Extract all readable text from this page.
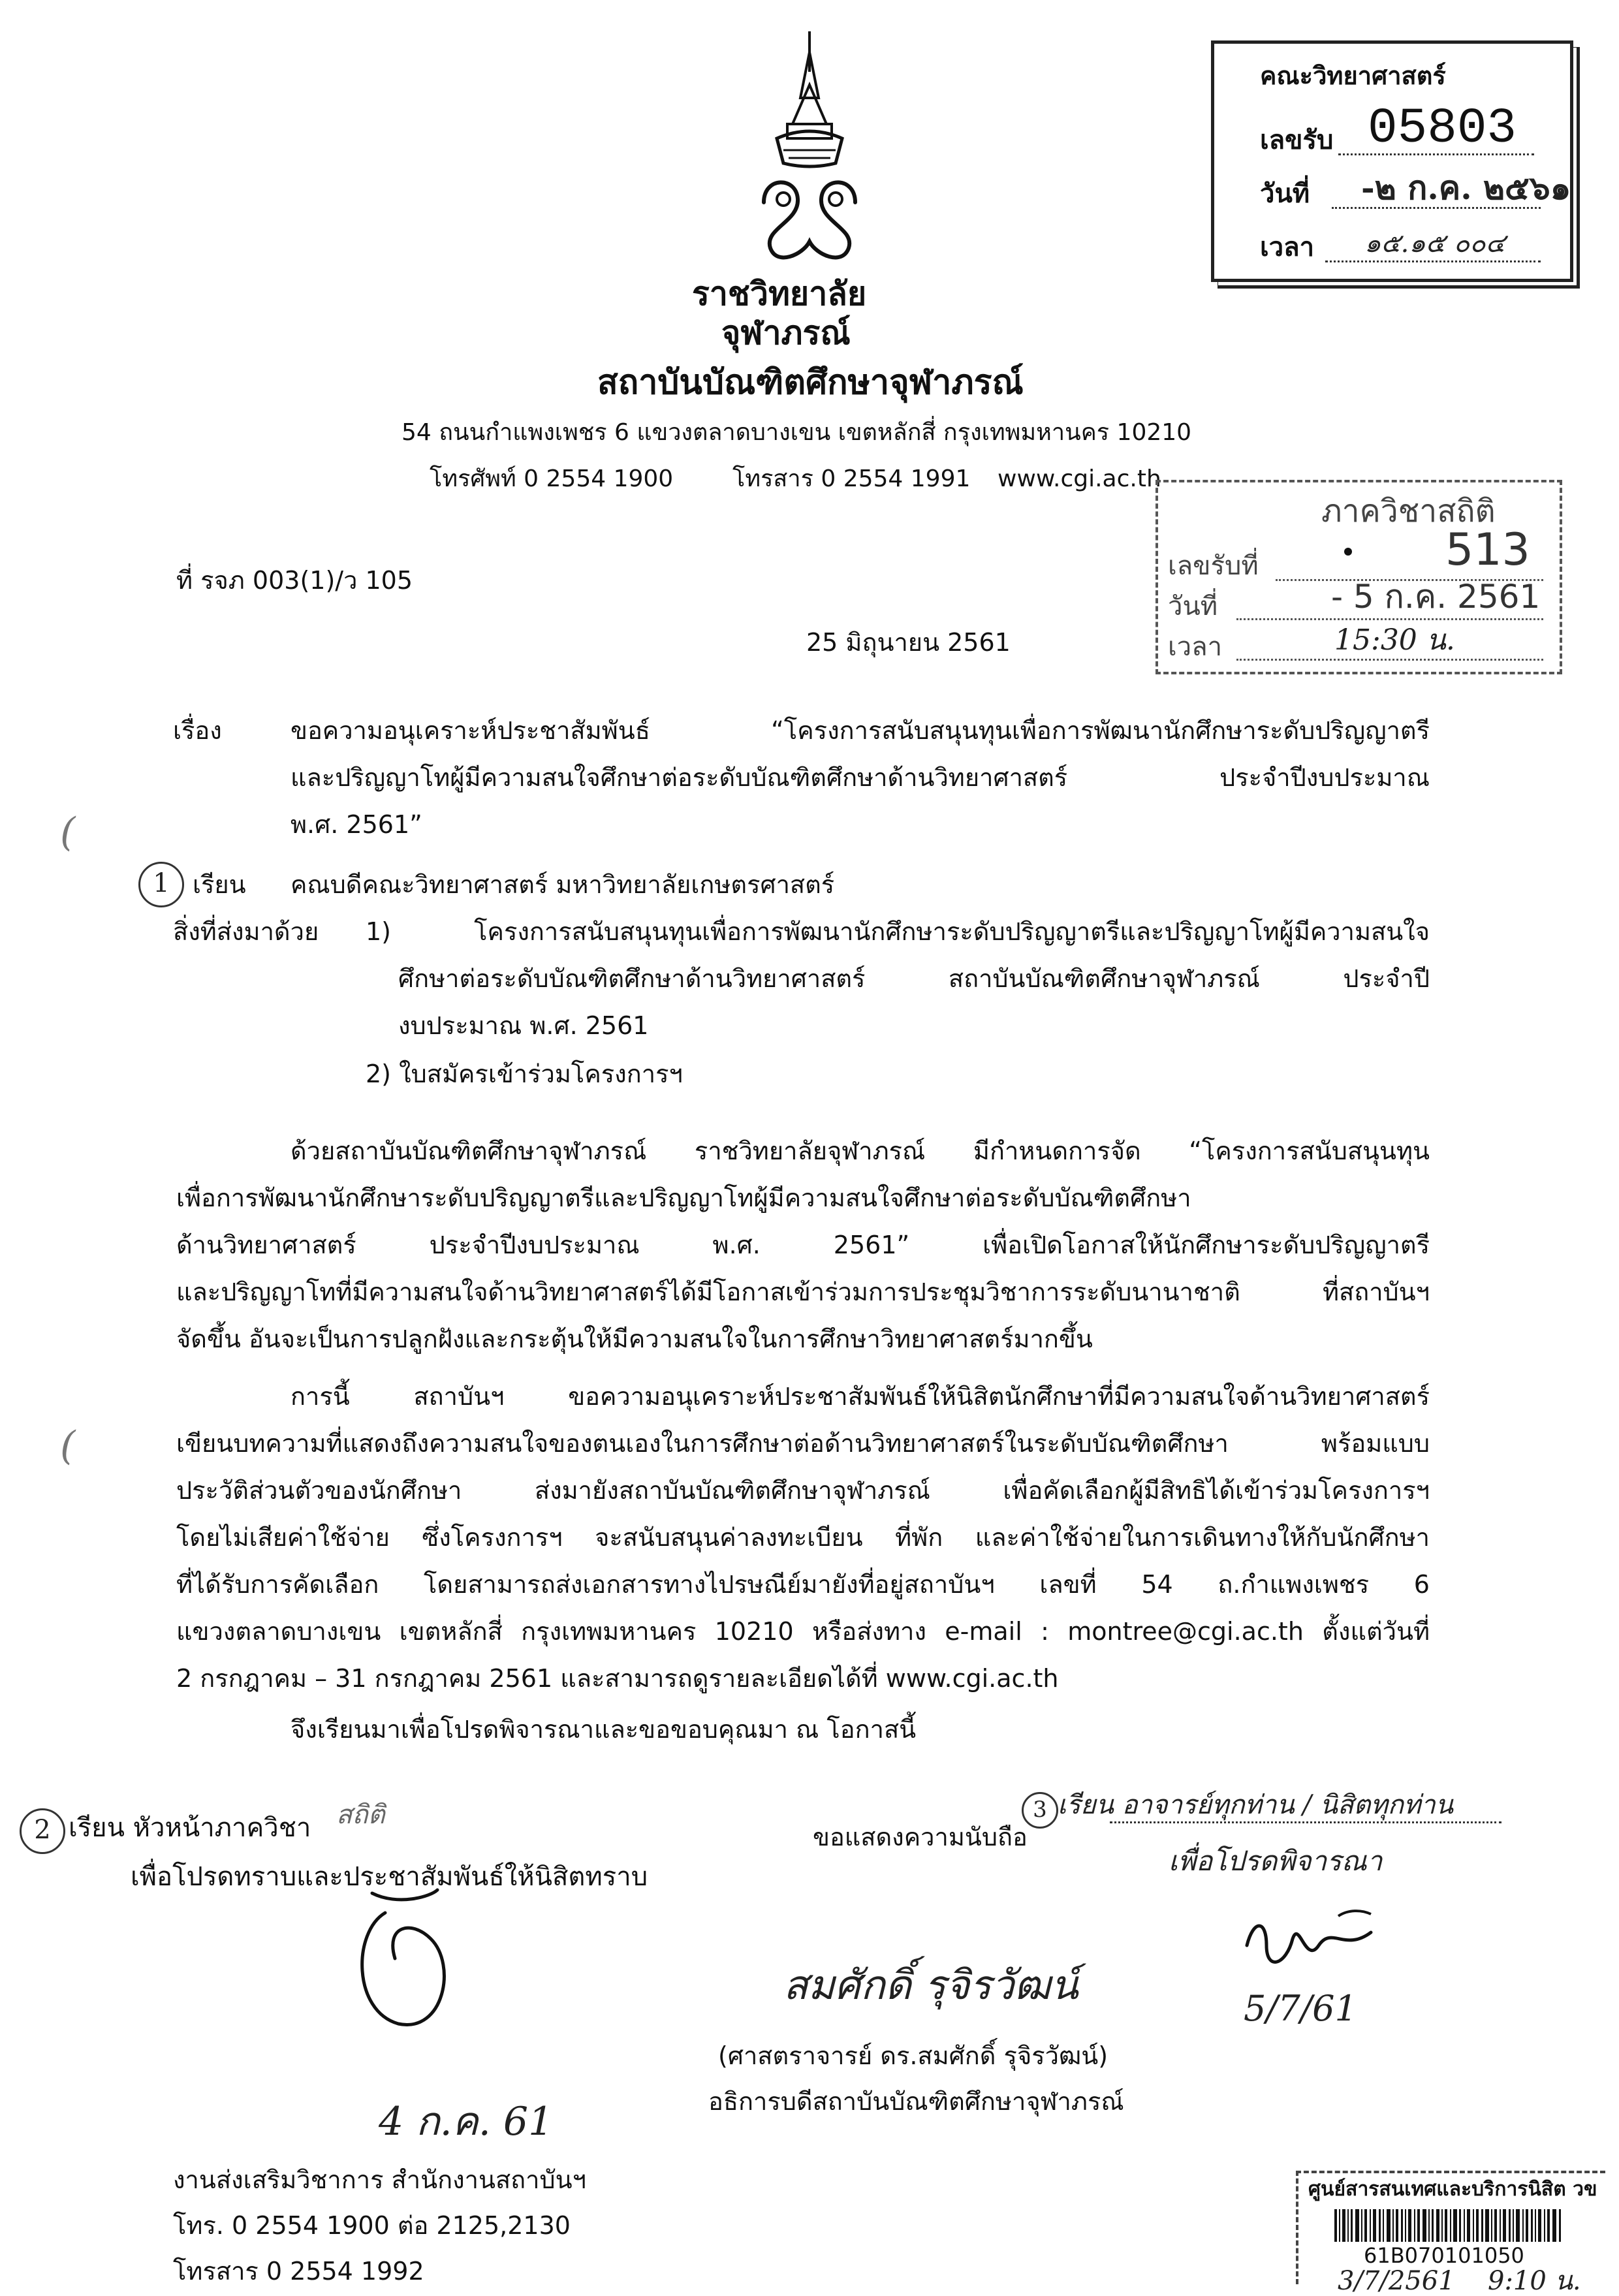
ราชวิทยาลัย
จุฬาภรณ์
สถาบันบัณฑิตศึกษาจุฬาภรณ์
54 ถนนกำแพงเพชร 6 แขวงตลาดบางเขน เขตหลักสี่ กรุงเทพมหานคร 10210
โทรศัพท์ 0 2554 1900	โทรสาร 0 2554 1991 www.cgi.ac.th
คณะวิทยาศาสตร์
เลขรับ 05803
วันที่ -๒ ก.ค. ๒๕๖๑
เวลา ๑๕.๑๕ ๐๐๔
ภาควิชาสถิติ
เลขรับที่	513
วันที่	- 5 ก.ค. 2561
เวลา	15:30 น.
ที่ รจภ 003(1)/ว 105
25 มิถุนายน 2561
(
(
เรื่อง	ขอความอนุเคราะห์ประชาสัมพันธ์ “โครงการสนับสนุนทุนเพื่อการพัฒนานักศึกษาระดับปริญญาตรี
และปริญญาโทผู้มีความสนใจศึกษาต่อระดับบัณฑิตศึกษาด้านวิทยาศาสตร์ ประจำปีงบประมาณ
พ.ศ. 2561”
1 เรียน คณบดีคณะวิทยาศาสตร์ มหาวิทยาลัยเกษตรศาสตร์
สิ่งที่ส่งมาด้วย 1) โครงการสนับสนุนทุนเพื่อการพัฒนานักศึกษาระดับปริญญาตรีและปริญญาโทผู้มีความสนใจ
ศึกษาต่อระดับบัณฑิตศึกษาด้านวิทยาศาสตร์ สถาบันบัณฑิตศึกษาจุฬาภรณ์ ประจำปี
งบประมาณ พ.ศ. 2561
2) ใบสมัครเข้าร่วมโครงการฯ
ด้วยสถาบันบัณฑิตศึกษาจุฬาภรณ์ ราชวิทยาลัยจุฬาภรณ์ มีกำหนดการจัด “โครงการสนับสนุนทุน
เพื่อการพัฒนานักศึกษาระดับปริญญาตรีและปริญญาโทผู้มีความสนใจศึกษาต่อระดับบัณฑิตศึกษา
ด้านวิทยาศาสตร์ ประจำปีงบประมาณ พ.ศ. 2561” เพื่อเปิดโอกาสให้นักศึกษาระดับปริญญาตรี
และปริญญาโทที่มีความสนใจด้านวิทยาศาสตร์ได้มีโอกาสเข้าร่วมการประชุมวิชาการระดับนานาชาติ ที่สถาบันฯ
จัดขึ้น อันจะเป็นการปลูกฝังและกระตุ้นให้มีความสนใจในการศึกษาวิทยาศาสตร์มากขึ้น
การนี้ สถาบันฯ ขอความอนุเคราะห์ประชาสัมพันธ์ให้นิสิตนักศึกษาที่มีความสนใจด้านวิทยาศาสตร์
เขียนบทความที่แสดงถึงความสนใจของตนเองในการศึกษาต่อด้านวิทยาศาสตร์ในระดับบัณฑิตศึกษา พร้อมแบบ
ประวัติส่วนตัวของนักศึกษา ส่งมายังสถาบันบัณฑิตศึกษาจุฬาภรณ์ เพื่อคัดเลือกผู้มีสิทธิได้เข้าร่วมโครงการฯ
โดยไม่เสียค่าใช้จ่าย ซึ่งโครงการฯ จะสนับสนุนค่าลงทะเบียน ที่พัก และค่าใช้จ่ายในการเดินทางให้กับนักศึกษา
ที่ได้รับการคัดเลือก โดยสามารถส่งเอกสารทางไปรษณีย์มายังที่อยู่สถาบันฯ เลขที่ 54 ถ.กำแพงเพชร 6
แขวงตลาดบางเขน เขตหลักสี่ กรุงเทพมหานคร 10210 หรือส่งทาง e-mail : montree@cgi.ac.th ตั้งแต่วันที่
2 กรกฎาคม – 31 กรกฎาคม 2561 และสามารถดูรายละเอียดได้ที่ www.cgi.ac.th
จึงเรียนมาเพื่อโปรดพิจารณาและขอขอบคุณมา ณ โอกาสนี้
2 เรียน หัวหน้าภาควิชา สถิติ
เพื่อโปรดทราบและประชาสัมพันธ์ให้นิสิตทราบ
4 ก.ค. 61
ขอแสดงความนับถือ
สมศักดิ์ รุจิรวัฒน์
(ศาสตราจารย์ ดร.สมศักดิ์ รุจิรวัฒน์)
อธิการบดีสถาบันบัณฑิตศึกษาจุฬาภรณ์
3 เรียน อาจารย์ทุกท่าน / นิสิตทุกท่าน
เพื่อโปรดพิจารณา
5/7/61
งานส่งเสริมวิชาการ สำนักงานสถาบันฯ
โทร. 0 2554 1900 ต่อ 2125,2130
โทรสาร 0 2554 1992
ศูนย์สารสนเทศและบริการนิสิต วข
61B070101050
3/7/2561 9:10 น.
